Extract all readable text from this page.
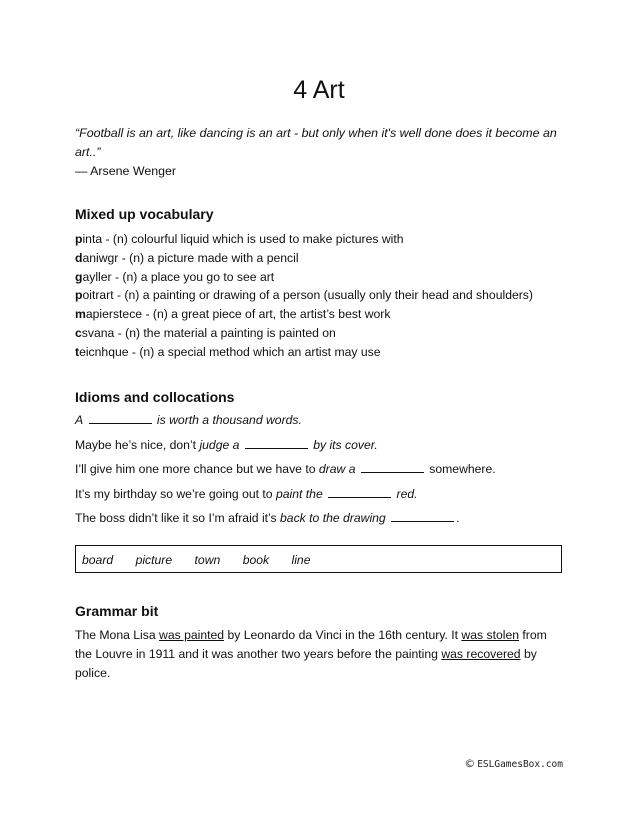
4 Art
“Football is an art, like dancing is an art - but only when it's well done does it become an art..”
― Arsene Wenger
Mixed up vocabulary
pinta - (n) colourful liquid which is used to make pictures with
daniwgr - (n) a picture made with a pencil
gayller - (n) a place you go to see art
poitrart - (n) a painting or drawing of a person (usually only their head and shoulders)
mapierstece - (n) a great piece of art, the artist’s best work
csvana - (n) the material a painting is painted on
teicnhque - (n) a special method which an artist may use
Idioms and collocations
A	is worth a thousand words.
Maybe he’s nice, don’t judge a	by its cover.
I’ll give him one more chance but we have to draw a	somewhere.
It’s my birthday so we’re going out to paint the	red.
The boss didn’t like it so I’m afraid it’s back to the drawing	.
board picture town book line
Grammar bit
The Mona Lisa was painted by Leonardo da Vinci in the 16th century. It was stolen from the Louvre in 1911 and it was another two years before the painting was recovered by police.
© ESLGamesBox.com
